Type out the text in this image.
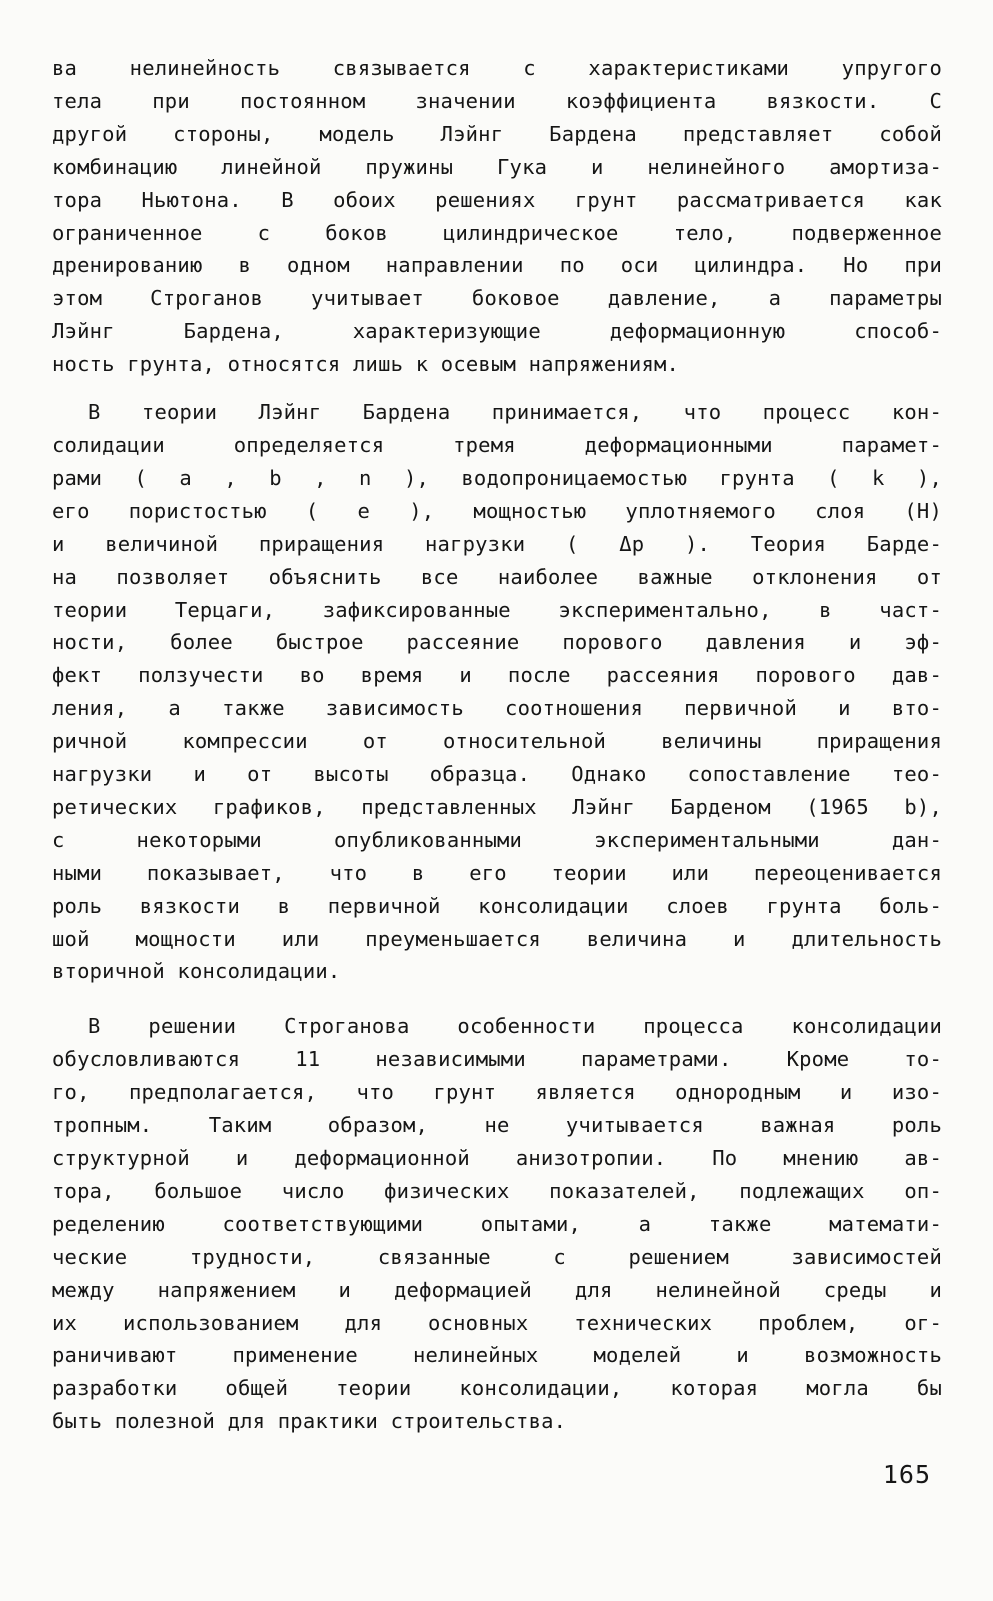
ва нелинейность связывается с характеристиками упругого
тела при постоянном значении коэффициента вязкости. С
другой стороны, модель Лэйнг Бардена представляет собой
комбинацию линейной пружины Гука и нелинейного амортиза-
тора Ньютона. В обоих решениях грунт рассматривается как
ограниченное с боков цилиндрическое тело, подверженное
дренированию в одном направлении по оси цилиндра. Но при
этом Строганов учитывает боковое давление, а параметры
Лэйнг Бардена, характеризующие деформационную способ-
ность грунта, относятся лишь к осевым напряжениям.
В теории Лэйнг Бардена принимается, что процесс кон-
солидации определяется тремя деформационными парамет-
рами ( a , b , n ), водопроницаемостью грунта ( k ),
его пористостью ( e ), мощностью уплотняемого слоя (H)
и величиной приращения нагрузки ( Δp ). Теория Барде-
на позволяет объяснить все наиболее важные отклонения от
теории Терцаги, зафиксированные экспериментально, в част-
ности, более быстрое рассеяние порового давления и эф-
фект ползучести во время и после рассеяния порового дав-
ления, а также зависимость соотношения первичной и вто-
ричной компрессии от относительной величины приращения
нагрузки и от высоты образца. Однако сопоставление тео-
ретических графиков, представленных Лэйнг Барденом (1965 b),
с некоторыми опубликованными экспериментальными дан-
ными показывает, что в его теории или переоценивается
роль вязкости в первичной консолидации слоев грунта боль-
шой мощности или преуменьшается величина и длительность
вторичной консолидации.
В решении Строганова особенности процесса консолидации
обусловливаются 11 независимыми параметрами. Кроме то-
го, предполагается, что грунт является однородным и изо-
тропным. Таким образом, не учитывается важная роль
структурной и деформационной анизотропии. По мнению ав-
тора, большое число физических показателей, подлежащих оп-
ределению соответствующими опытами, а также математи-
ческие трудности, связанные с решением зависимостей
между напряжением и деформацией для нелинейной среды и
их использованием для основных технических проблем, ог-
раничивают применение нелинейных моделей и возможность
разработки общей теории консолидации, которая могла бы
быть полезной для практики строительства.
165
